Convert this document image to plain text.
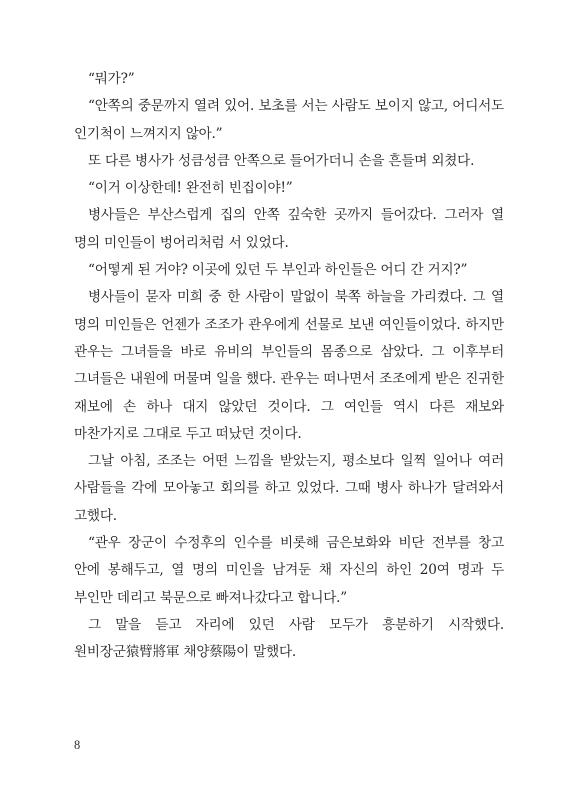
“뭐가?”

“안쪽의 중문까지 열려 있어. 보초를 서는 사람도 보이지 않고, 어디서도 인기척이 느껴지지 않아.”

또 다른 병사가 성큼성큼 안쪽으로 들어가더니 손을 흔들며 외쳤다.

“이거 이상한데! 완전히 빈집이야!”

병사들은 부산스럽게 집의 안쪽 깊숙한 곳까지 들어갔다. 그러자 열 명의 미인들이 벙어리처럼 서 있었다.

“어떻게 된 거야? 이곳에 있던 두 부인과 하인들은 어디 간 거지?”

병사들이 묻자 미희 중 한 사람이 말없이 북쪽 하늘을 가리켰다. 그 열 명의 미인들은 언젠가 조조가 관우에게 선물로 보낸 여인들이었다. 하지만 관우는 그녀들을 바로 유비의 부인들의 몸종으로 삼았다. 그 이후부터 그녀들은 내원에 머물며 일을 했다. 관우는 떠나면서 조조에게 받은 진귀한 재보에 손 하나 대지 않았던 것이다. 그 여인들 역시 다른 재보와 마찬가지로 그대로 두고 떠났던 것이다.

그날 아침, 조조는 어떤 느낌을 받았는지, 평소보다 일찍 일어나 여러 사람들을 각에 모아놓고 회의를 하고 있었다. 그때 병사 하나가 달려와서 고했다.

“관우 장군이 수정후의 인수를 비롯해 금은보화와 비단 전부를 창고 안에 봉해두고, 열 명의 미인을 남겨둔 채 자신의 하인 20여 명과 두 부인만 데리고 북문으로 빠져나갔다고 합니다.”

그 말을 듣고 자리에 있던 사람 모두가 흥분하기 시작했다. 원비장군猿臂將軍 채양蔡陽이 말했다.

8
